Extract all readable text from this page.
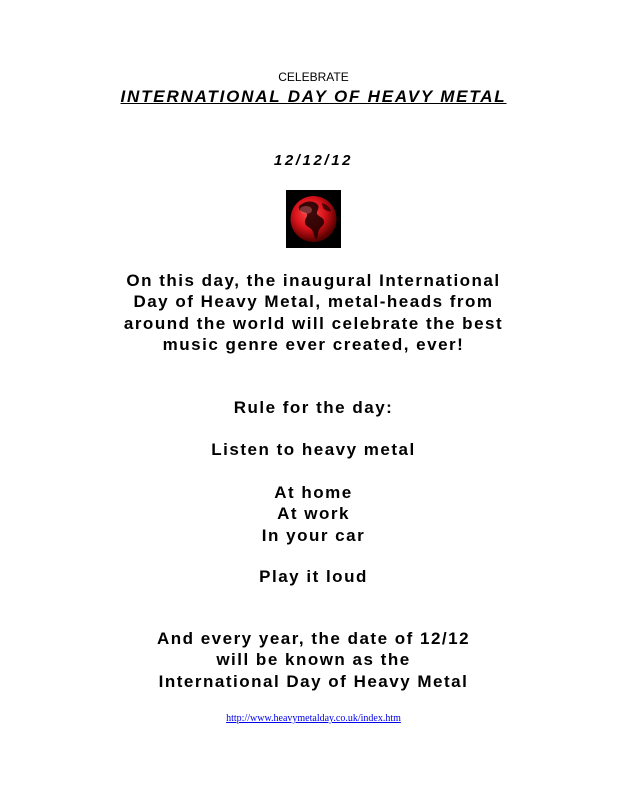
CELEBRATE
INTERNATIONAL DAY OF HEAVY METAL
12/12/12
On this day, the inaugural International
Day of Heavy Metal, metal-heads from
around the world will celebrate the best
music genre ever created, ever!
Rule for the day:
Listen to heavy metal
At home
At work
In your car
Play it loud
And every year, the date of 12/12
will be known as the
International Day of Heavy Metal
http://www.heavymetalday.co.uk/index.htm
